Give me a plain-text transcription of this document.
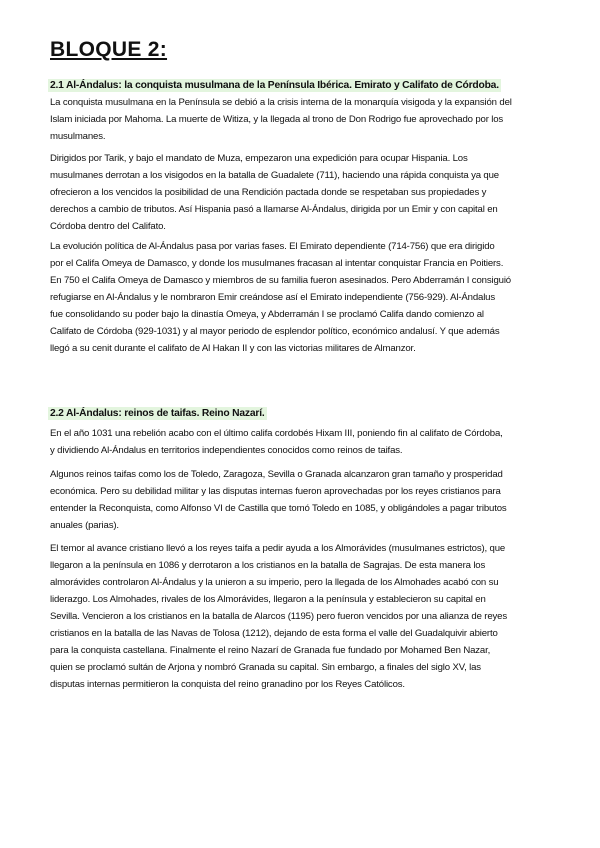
BLOQUE 2:
2.1 Al-Ándalus: la conquista musulmana de la Península Ibérica. Emirato y Califato de Córdoba.
La conquista musulmana en la Península se debió a la crisis interna de la monarquía visigoda y la expansión del
Islam iniciada por Mahoma. La muerte de Witiza, y la llegada al trono de Don Rodrigo fue aprovechado por los
musulmanes.
Dirigidos por Tarik, y bajo el mandato de Muza, empezaron una expedición para ocupar Hispania. Los
musulmanes derrotan a los visigodos en la batalla de Guadalete (711), haciendo una rápida conquista ya que
ofrecieron a los vencidos la posibilidad de una Rendición pactada donde se respetaban sus propiedades y
derechos a cambio de tributos. Así Hispania pasó a llamarse Al-Ándalus, dirigida por un Emir y con capital en
Córdoba dentro del Califato.
La evolución política de Al-Ándalus pasa por varias fases. El Emirato dependiente (714-756) que era dirigido
por el Califa Omeya de Damasco, y donde los musulmanes fracasan al intentar conquistar Francia en Poitiers.
En 750 el Califa Omeya de Damasco y miembros de su familia fueron asesinados. Pero Abderramán I consiguió
refugiarse en Al-Ándalus y le nombraron Emir creándose así el Emirato independiente (756-929). Al-Ándalus
fue consolidando su poder bajo la dinastía Omeya, y Abderramán I se proclamó Califa dando comienzo al
Califato de Córdoba (929-1031) y al mayor periodo de esplendor político, económico andalusí. Y que además
llegó a su cenit durante el califato de Al Hakan II y con las victorias militares de Almanzor.
2.2 Al-Ándalus: reinos de taifas. Reino Nazarí.
En el año 1031 una rebelión acabo con el último califa cordobés Hixam III, poniendo fin al califato de Córdoba,
y dividiendo Al-Ándalus en territorios independientes conocidos como reinos de taifas.
Algunos reinos taifas como los de Toledo, Zaragoza, Sevilla o Granada alcanzaron gran tamaño y prosperidad
económica. Pero su debilidad militar y las disputas internas fueron aprovechadas por los reyes cristianos para
entender la Reconquista, como Alfonso VI de Castilla que tomó Toledo en 1085, y obligándoles a pagar tributos
anuales (parias).
El temor al avance cristiano llevó a los reyes taifa a pedir ayuda a los Almorávides (musulmanes estrictos), que
llegaron a la península en 1086 y derrotaron a los cristianos en la batalla de Sagrajas. De esta manera los
almorávides controlaron Al-Ándalus y la unieron a su imperio, pero la llegada de los Almohades acabó con su
liderazgo. Los Almohades, rivales de los Almorávides, llegaron a la península y establecieron su capital en
Sevilla. Vencieron a los cristianos en la batalla de Alarcos (1195) pero fueron vencidos por una alianza de reyes
cristianos en la batalla de las Navas de Tolosa (1212), dejando de esta forma el valle del Guadalquivir abierto
para la conquista castellana. Finalmente el reino Nazarí de Granada fue fundado por Mohamed Ben Nazar,
quien se proclamó sultán de Arjona y nombró Granada su capital. Sin embargo, a finales del siglo XV, las
disputas internas permitieron la conquista del reino granadino por los Reyes Católicos.
